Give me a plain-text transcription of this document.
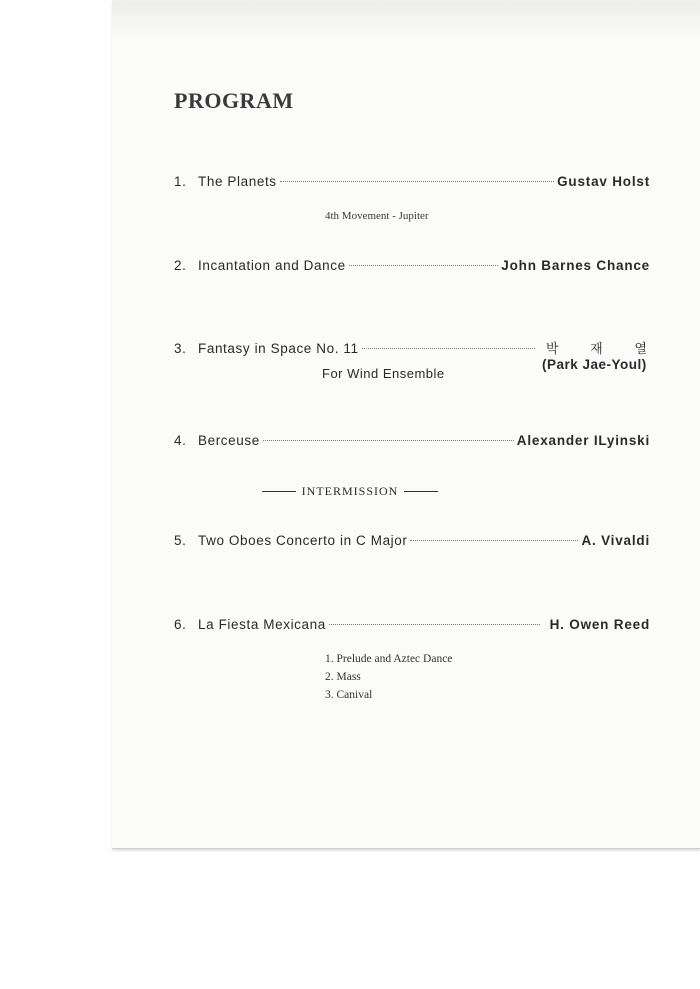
PROGRAM
1. The Planets	Gustav Holst
4th Movement - Jupiter
2. Incantation and Dance	John Barnes Chance
3. Fantasy in Space No. 11	박 재 열
(Park Jae-Youl)
For Wind Ensemble
4. Berceuse	Alexander ILyinski
INTERMISSION
5. Two Oboes Concerto in C Major	A. Vivaldi
6. La Fiesta Mexicana	H. Owen Reed
1. Prelude and Aztec Dance
2. Mass
3. Canival
